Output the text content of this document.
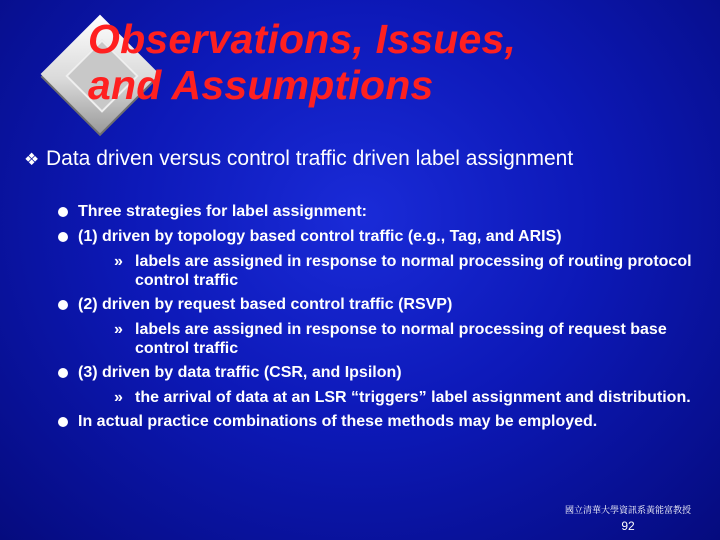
Observations, Issues,
and Assumptions
❖ Data driven versus control traffic driven label assignment
Three strategies for label assignment:
(1) driven by topology based control traffic (e.g., Tag, and ARIS)
» labels are assigned in response to normal processing of routing protocol control traffic
(2) driven by request based control traffic (RSVP)
» labels are assigned in response to normal processing of request base control traffic
(3) driven by data traffic (CSR, and Ipsilon)
» the arrival of data at an LSR “triggers” label assignment and distribution.
In actual practice combinations of these methods may be employed.
國立清華大學資訊系黃能富教授
92
